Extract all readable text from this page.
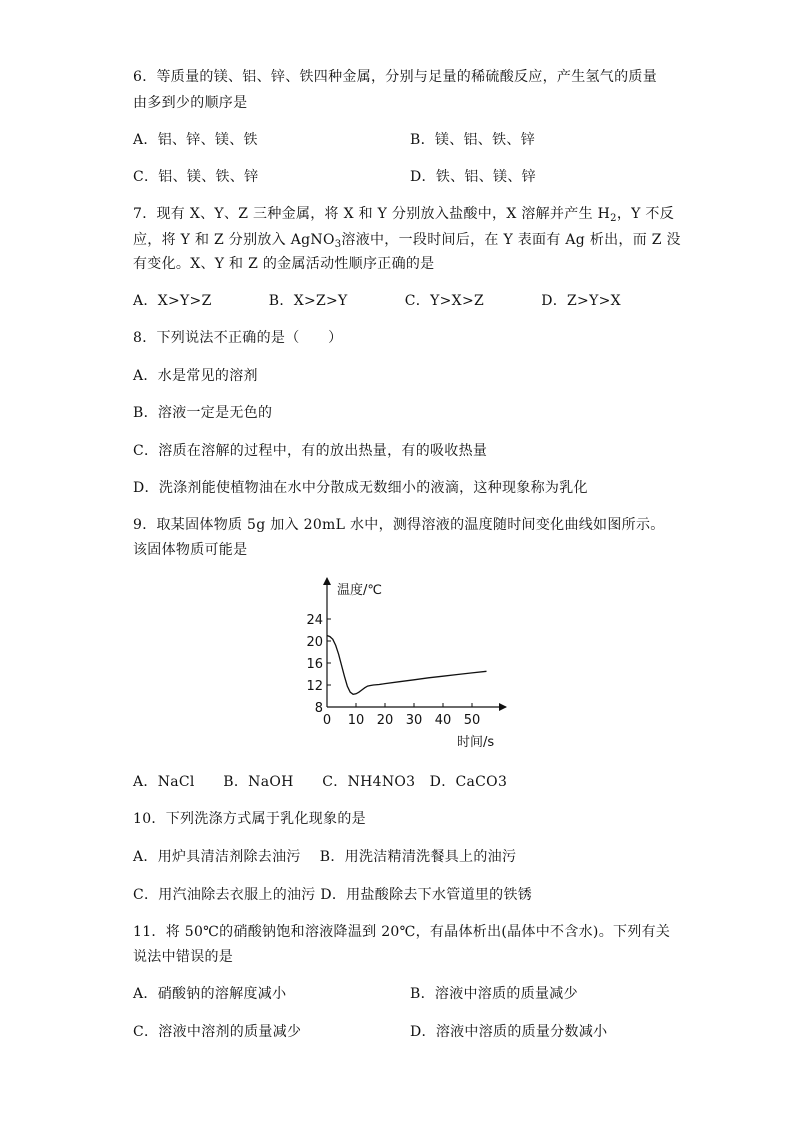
6．等质量的镁、铝、锌、铁四种金属，分别与足量的稀硫酸反应，产生氢气的质量
由多到少的顺序是
A．铝、锌、镁、铁	B．镁、铝、铁、锌
C．铝、镁、铁、锌	D．铁、铝、镁、锌
7．现有 X、Y、Z 三种金属，将 X 和 Y 分别放入盐酸中，X 溶解并产生 $H_2$，Y 不反
应，将 Y 和 Z 分别放入 AgNO$_3$溶液中，一段时间后，在 Y 表面有 Ag 析出，而 Z 没
有变化。X、Y 和 Z 的金属活动性顺序正确的是
A．X>Y>Z　　　　B．X>Z>Y　　　　C．Y>X>Z　　　　D．Z>Y>X
8．下列说法不正确的是（　　）
A．水是常见的溶剂
B．溶液一定是无色的
C．溶质在溶解的过程中，有的放出热量，有的吸收热量
D．洗涤剂能使植物油在水中分散成无数细小的液滴，这种现象称为乳化
9．取某固体物质 5g 加入 20mL 水中，测得溶液的温度随时间变化曲线如图所示。
该固体物质可能是
温度/℃
时间/s
0 10 20 30 40 50
8
12
16
20
24
A．NaCl　　B．NaOH　　C．NH4NO3　D．CaCO3
10．下列洗涤方式属于乳化现象的是
A．用炉具清洁剂除去油污　 B．用洗洁精清洗餐具上的油污
C．用汽油除去衣服上的油污 D．用盐酸除去下水管道里的铁锈
11．将 50℃的硝酸钠饱和溶液降温到 20℃，有晶体析出(晶体中不含水)。下列有关
说法中错误的是
A．硝酸钠的溶解度减小	B．溶液中溶质的质量减少
C．溶液中溶剂的质量减少	D．溶液中溶质的质量分数减小
